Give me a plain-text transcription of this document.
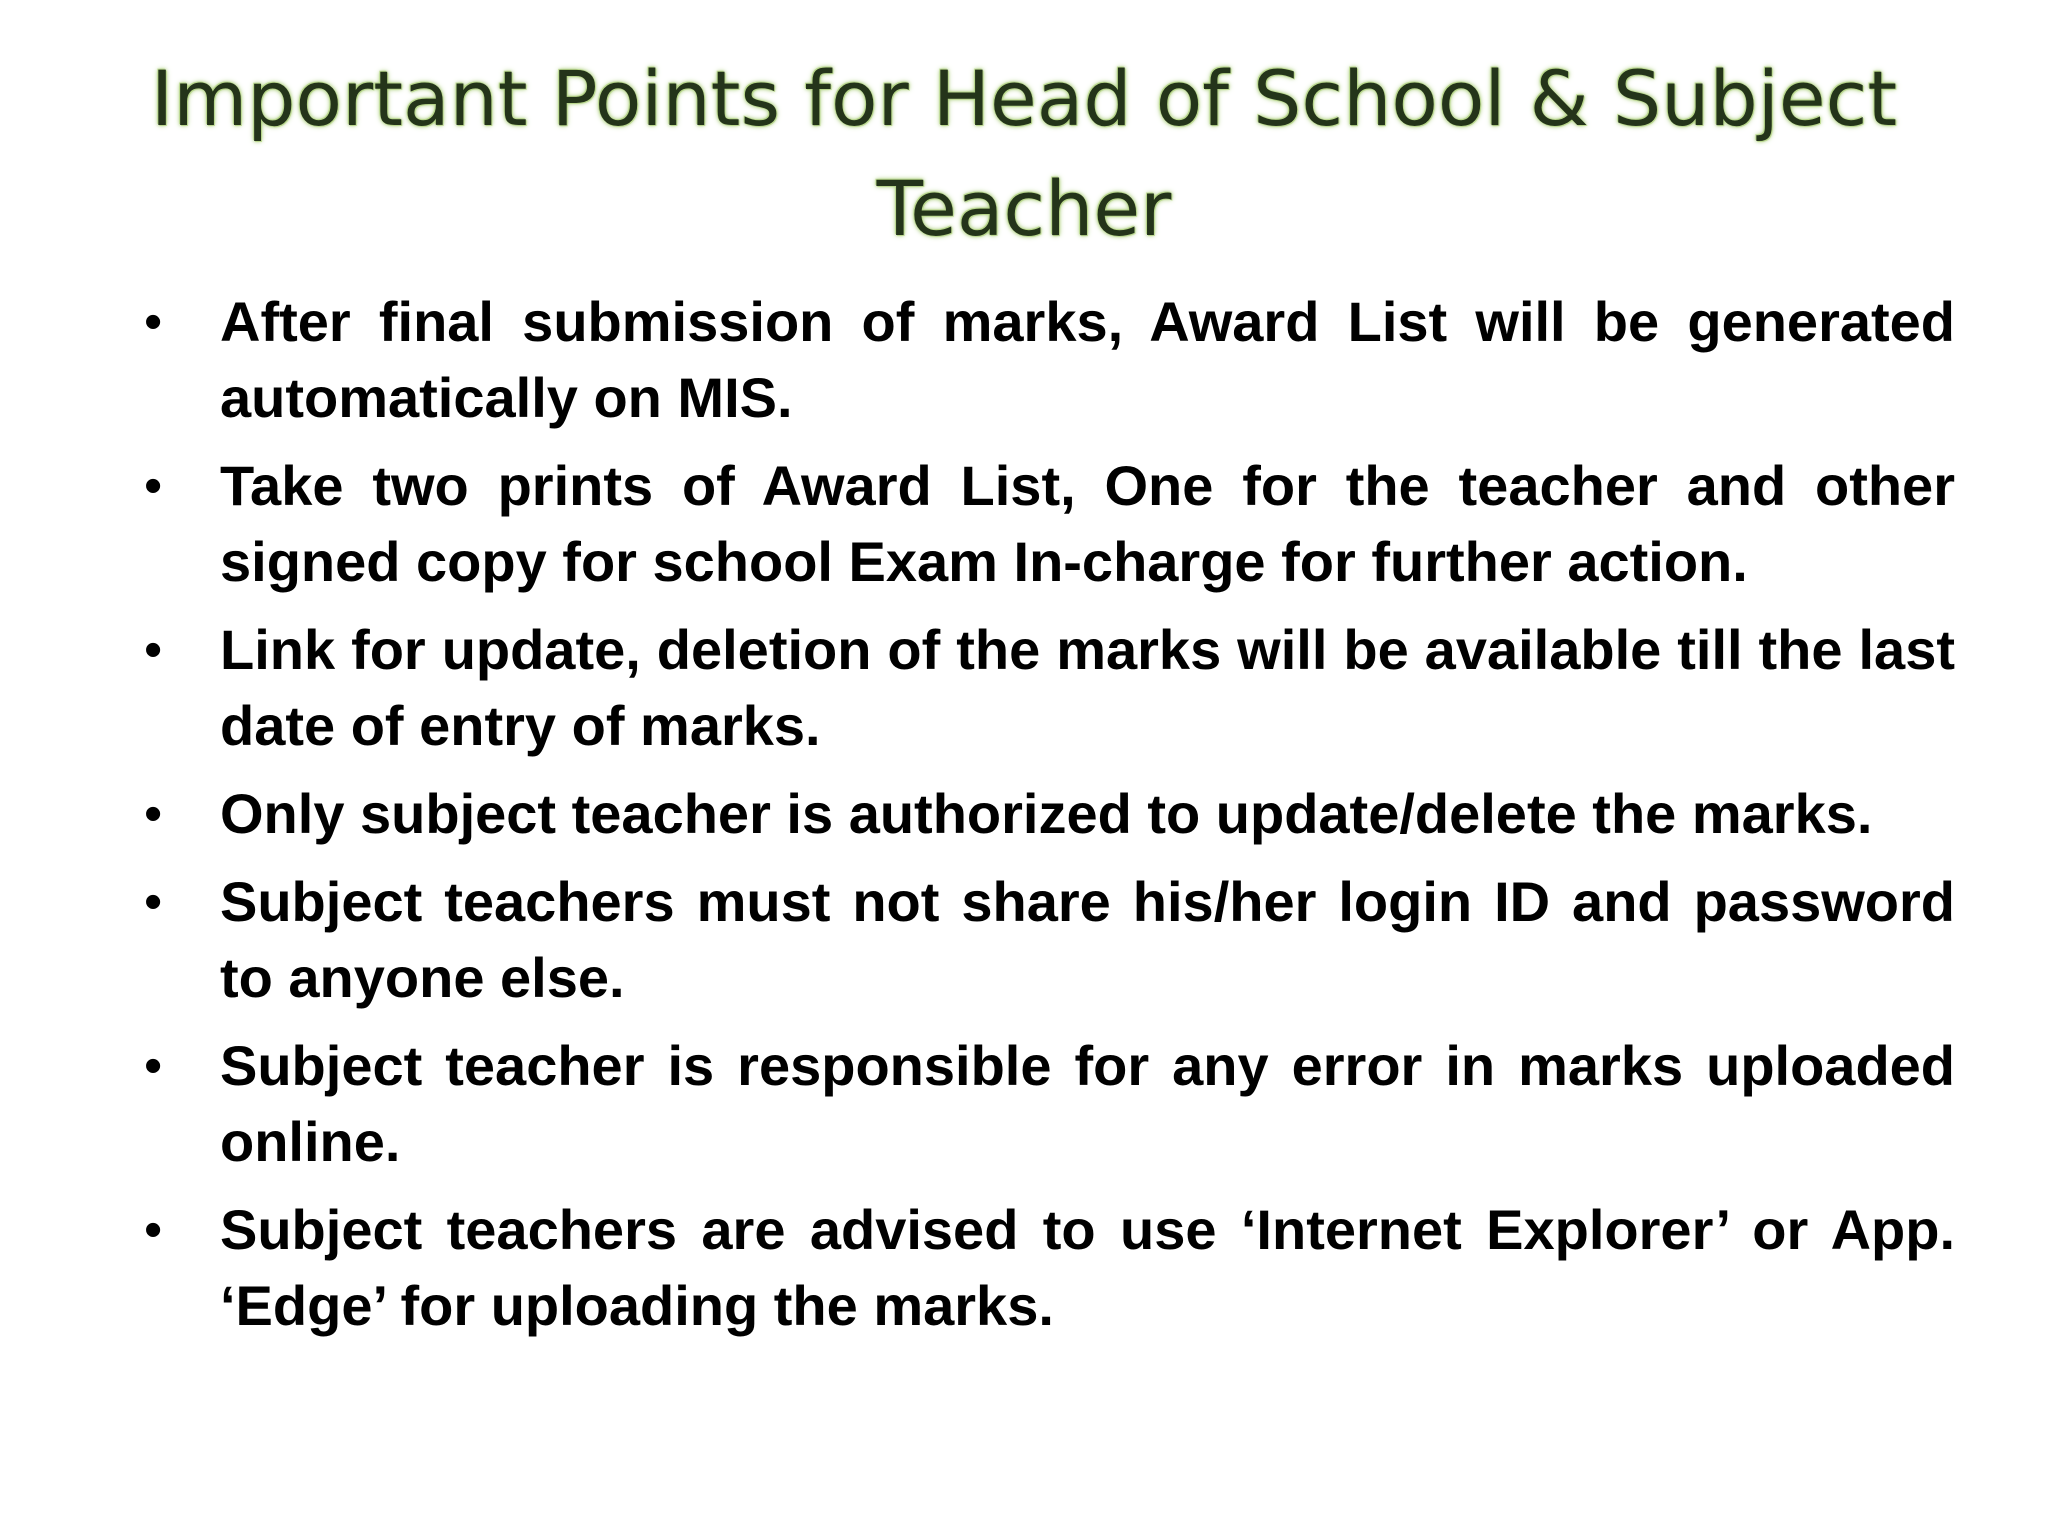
Important Points for Head of School & Subject
Teacher
• After final submission of marks, Award List will be generated automatically on MIS.
• Take two prints of Award List, One for the teacher and other signed copy for school Exam In-charge for further action.
• Link for update, deletion of the marks will be available till the last date of entry of marks.
• Only subject teacher is authorized to update/delete the marks.
• Subject teachers must not share his/her login ID and password to anyone else.
• Subject teacher is responsible for any error in marks uploaded online.
• Subject teachers are advised to use ‘Internet Explorer’ or App. ‘Edge’ for uploading the marks.
